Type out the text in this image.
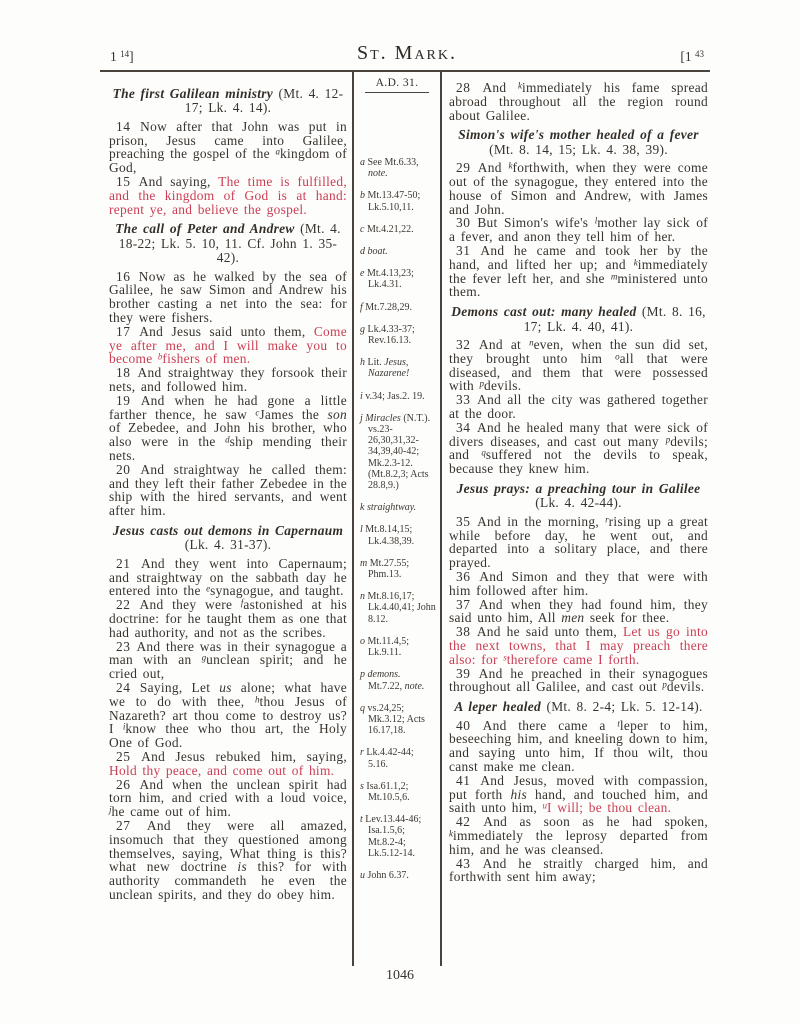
1 $^{14}$]	St. Mark.	[1 $^{43}$
The first Galilean ministry (Mt. 4. 12-17; Lk. 4. 14).

14 Now after that John was put in prison, Jesus came into Galilee, preaching the gospel of the $^a$kingdom of God,

15 And saying, The time is fulfilled, and the kingdom of God is at hand: repent ye, and believe the gospel.

The call of Peter and Andrew (Mt. 4. 18-22; Lk. 5. 10, 11. Cf. John 1. 35-42).

16 Now as he walked by the sea of Galilee, he saw Simon and Andrew his brother casting a net into the sea: for they were fishers.

17 And Jesus said unto them, Come ye after me, and I will make you to become $^b$fishers of men.

18 And straightway they forsook their nets, and followed him.

19 And when he had gone a little farther thence, he saw $^c$James the son of Zebedee, and John his brother, who also were in the $^d$ship mending their nets.

20 And straightway he called them: and they left their father Zebedee in the ship with the hired servants, and went after him.

Jesus casts out demons in Capernaum (Lk. 4. 31-37).

21 And they went into Capernaum; and straightway on the sabbath day he entered into the $^e$synagogue, and taught.

22 And they were $^f$astonished at his doctrine: for he taught them as one that had authority, and not as the scribes.

23 And there was in their synagogue a man with an $^g$unclean spirit; and he cried out,

24 Saying, Let us alone; what have we to do with thee, $^h$thou Jesus of Nazareth? art thou come to destroy us? I $^i$know thee who thou art, the Holy One of God.

25 And Jesus rebuked him, saying, Hold thy peace, and come out of him.

26 And when the unclean spirit had torn him, and cried with a loud voice, $^j$he came out of him.

27 And they were all amazed, insomuch that they questioned among themselves, saying, What thing is this? what new doctrine is this? for with authority commandeth he even the unclean spirits, and they do obey him.

A.D. 31.
a See Mt.6.33, note.
b Mt.13.47-50; Lk.5.10,11.
c Mt.4.21,22.
d boat.
e Mt.4.13,23; Lk.4.31.
f Mt.7.28,29.
g Lk.4.33-37; Rev.16.13.
h Lit. Jesus, Nazarene!
i v.34; Jas.2. 19.
j Miracles (N.T.). vs.23-26,30,31,32-34,39,40-42; Mk.2.3-12. (Mt.8.2,3; Acts 28.8,9.)
k straightway.
l Mt.8.14,15; Lk.4.38,39.
m Mt.27.55; Phm.13.
n Mt.8.16,17; Lk.4.40,41; John 8.12.
o Mt.11.4,5; Lk.9.11.
p demons. Mt.7.22, note.
q vs.24,25; Mk.3.12; Acts 16.17,18.
r Lk.4.42-44; 5.16.
s Isa.61.1,2; Mt.10.5,6.
t Lev.13.44-46; Isa.1.5,6; Mt.8.2-4; Lk.5.12-14.
u John 6.37.

28 And $^k$immediately his fame spread abroad throughout all the region round about Galilee.

Simon's wife's mother healed of a fever (Mt. 8. 14, 15; Lk. 4. 38, 39).

29 And $^k$forthwith, when they were come out of the synagogue, they entered into the house of Simon and Andrew, with James and John.

30 But Simon's wife's $^l$mother lay sick of a fever, and anon they tell him of her.

31 And he came and took her by the hand, and lifted her up; and $^k$immediately the fever left her, and she $^m$ministered unto them.

Demons cast out: many healed (Mt. 8. 16, 17; Lk. 4. 40, 41).

32 And at $^n$even, when the sun did set, they brought unto him $^o$all that were diseased, and them that were possessed with $^p$devils.

33 And all the city was gathered together at the door.

34 And he healed many that were sick of divers diseases, and cast out many $^p$devils; and $^q$suffered not the devils to speak, because they knew him.

Jesus prays: a preaching tour in Galilee (Lk. 4. 42-44).

35 And in the morning, $^r$rising up a great while before day, he went out, and departed into a solitary place, and there prayed.

36 And Simon and they that were with him followed after him.

37 And when they had found him, they said unto him, All men seek for thee.

38 And he said unto them, Let us go into the next towns, that I may preach there also: for $^s$therefore came I forth.

39 And he preached in their synagogues throughout all Galilee, and cast out $^p$devils.

A leper healed (Mt. 8. 2-4; Lk. 5. 12-14).

40 And there came a $^t$leper to him, beseeching him, and kneeling down to him, and saying unto him, If thou wilt, thou canst make me clean.

41 And Jesus, moved with compassion, put forth his hand, and touched him, and saith unto him, $^u$I will; be thou clean.

42 And as soon as he had spoken, $^k$immediately the leprosy departed from him, and he was cleansed.

43 And he straitly charged him, and forthwith sent him away;

1046
